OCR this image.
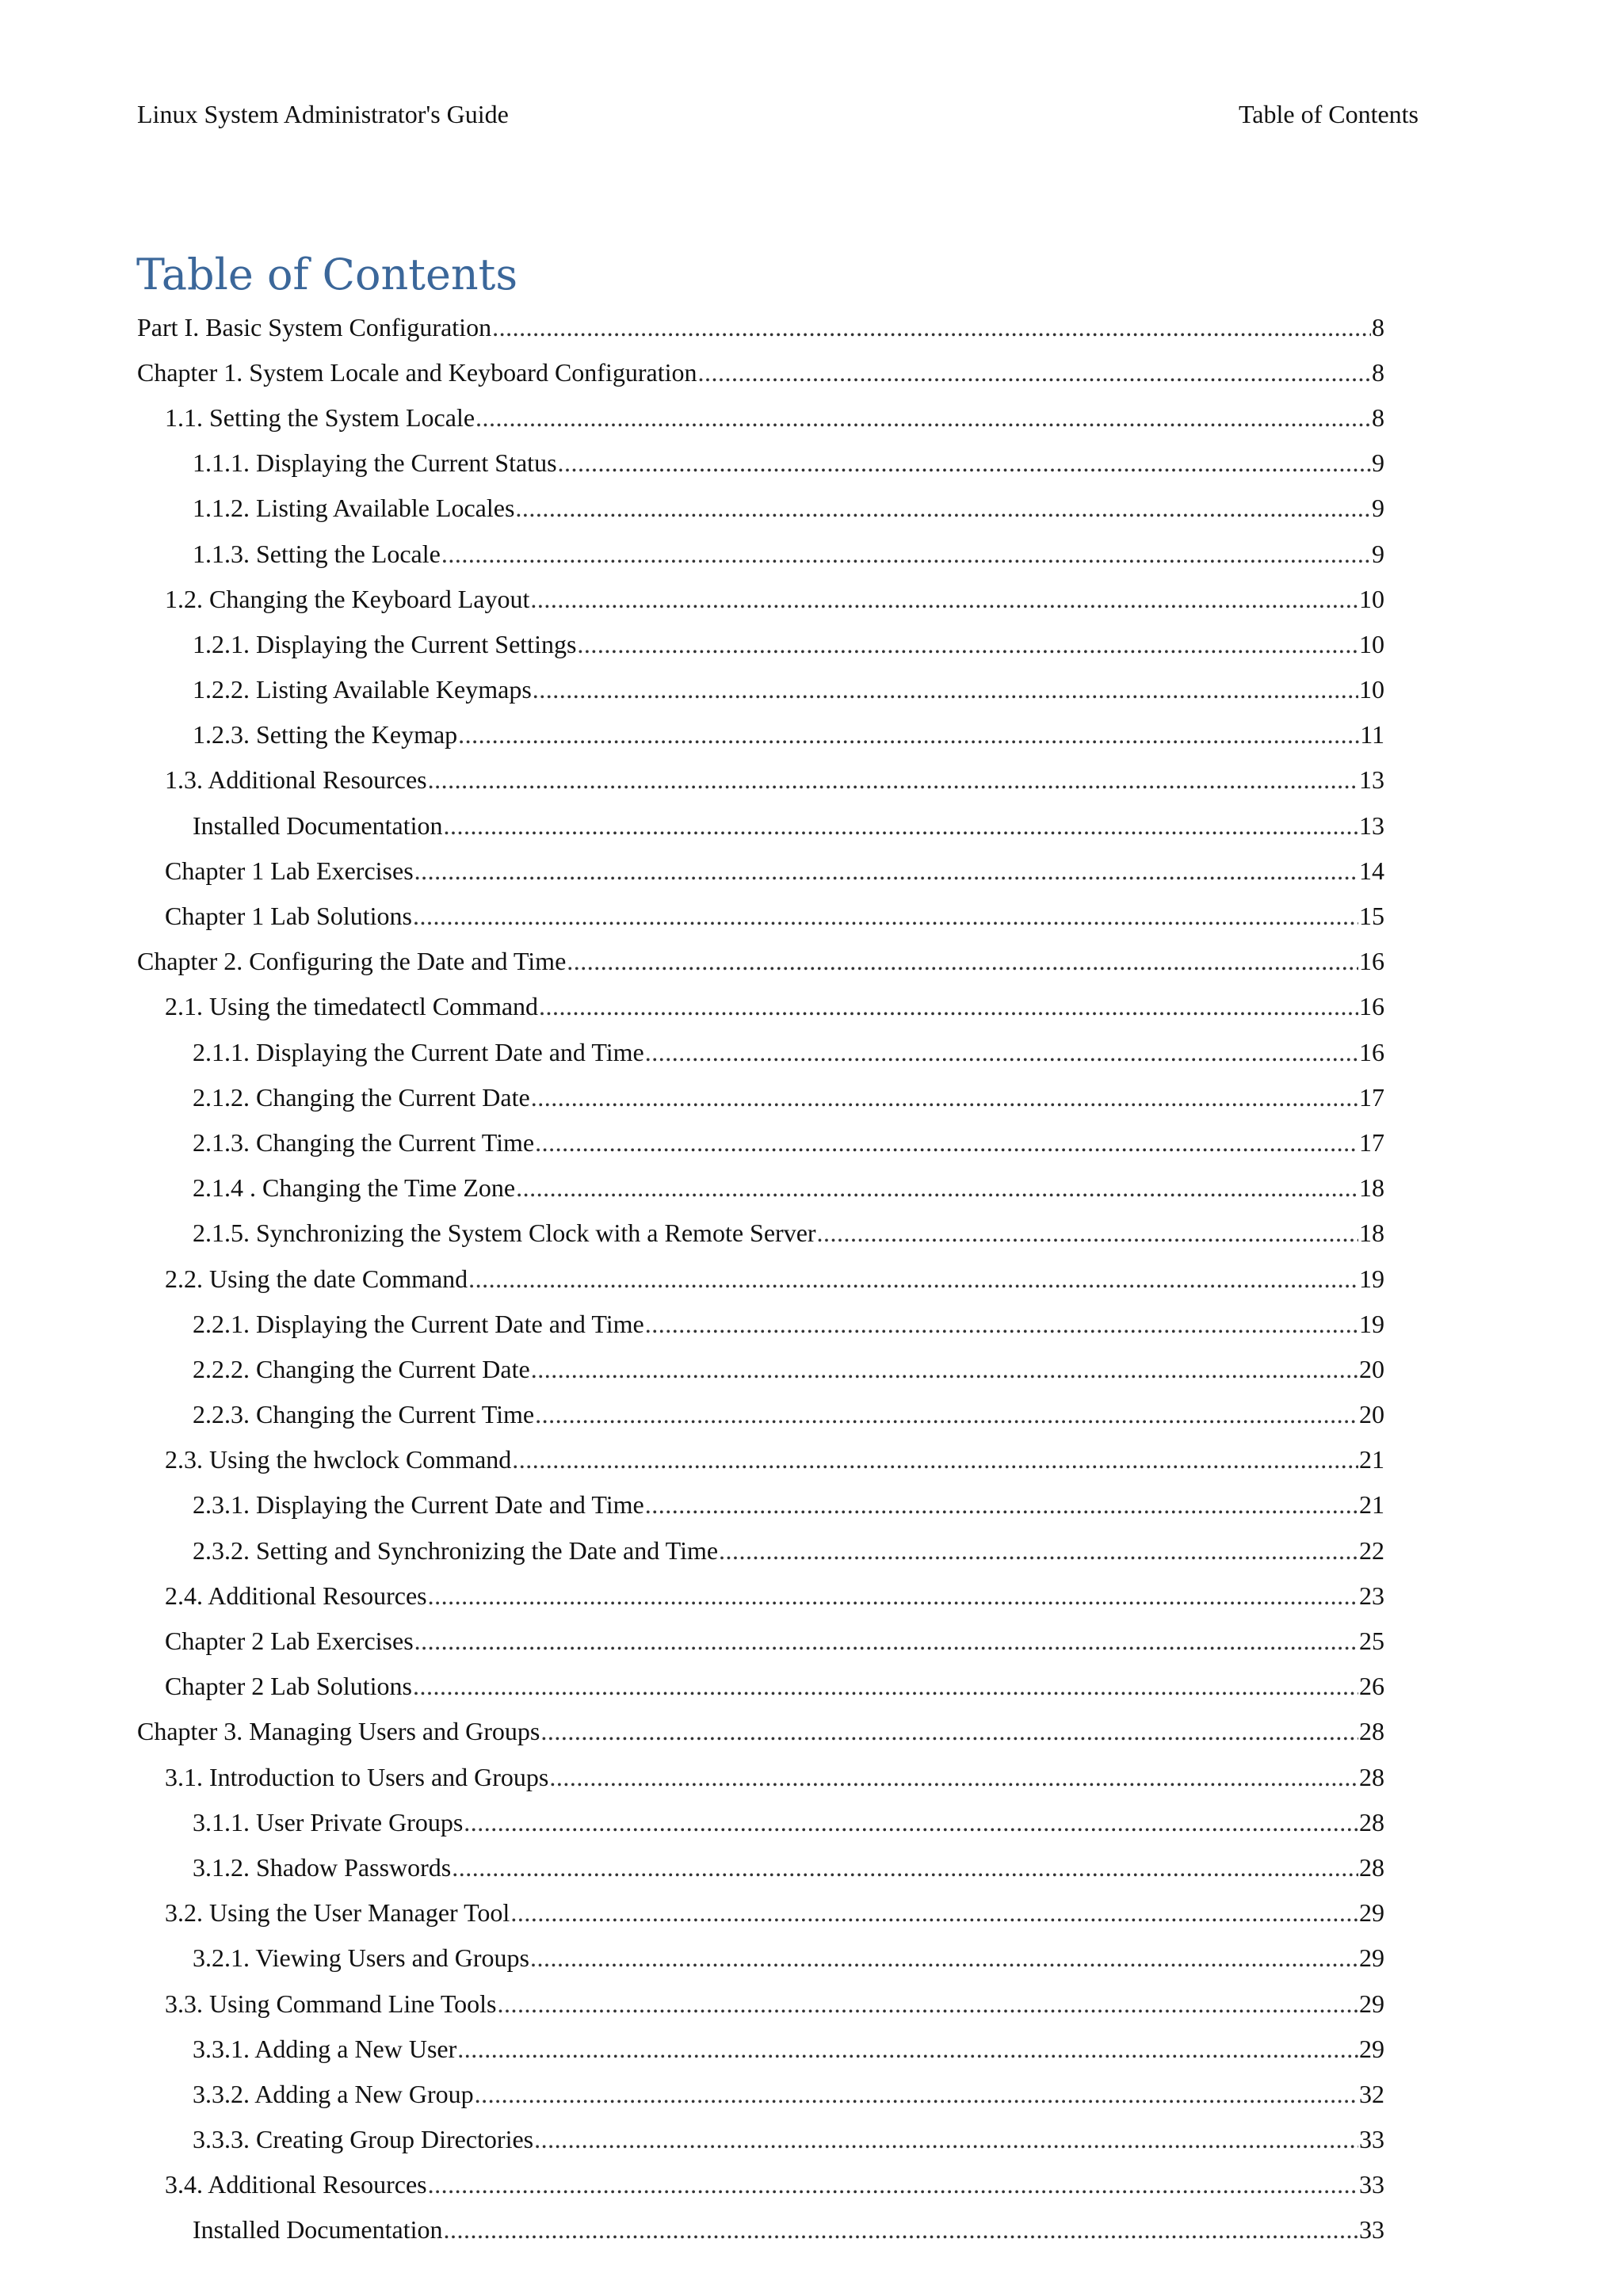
Linux System Administrator's Guide	Table of Contents
Table of Contents
Part I. Basic System Configuration .....	8
Chapter 1. System Locale and Keyboard Configuration .....	8
1.1. Setting the System Locale .....	8
1.1.1. Displaying the Current Status .....	9
1.1.2. Listing Available Locales .....	9
1.1.3. Setting the Locale .....	9
1.2. Changing the Keyboard Layout .....	10
1.2.1. Displaying the Current Settings .....	10
1.2.2. Listing Available Keymaps .....	10
1.2.3. Setting the Keymap .....	11
1.3. Additional Resources .....	13
Installed Documentation .....	13
Chapter 1 Lab Exercises .....	14
Chapter 1 Lab Solutions .....	15
Chapter 2. Configuring the Date and Time .....	16
2.1. Using the timedatectl Command .....	16
2.1.1. Displaying the Current Date and Time .....	16
2.1.2. Changing the Current Date .....	17
2.1.3. Changing the Current Time .....	17
2.1.4 . Changing the Time Zone .....	18
2.1.5. Synchronizing the System Clock with a Remote Server .....	18
2.2. Using the date Command .....	19
2.2.1. Displaying the Current Date and Time .....	19
2.2.2. Changing the Current Date .....	20
2.2.3. Changing the Current Time .....	20
2.3. Using the hwclock Command .....	21
2.3.1. Displaying the Current Date and Time .....	21
2.3.2. Setting and Synchronizing the Date and Time .....	22
2.4. Additional Resources .....	23
Chapter 2 Lab Exercises .....	25
Chapter 2 Lab Solutions .....	26
Chapter 3. Managing Users and Groups .....	28
3.1. Introduction to Users and Groups .....	28
3.1.1. User Private Groups .....	28
3.1.2. Shadow Passwords .....	28
3.2. Using the User Manager Tool .....	29
3.2.1. Viewing Users and Groups .....	29
3.3. Using Command Line Tools .....	29
3.3.1. Adding a New User .....	29
3.3.2. Adding a New Group .....	32
3.3.3. Creating Group Directories .....	33
3.4. Additional Resources .....	33
Installed Documentation .....	33
